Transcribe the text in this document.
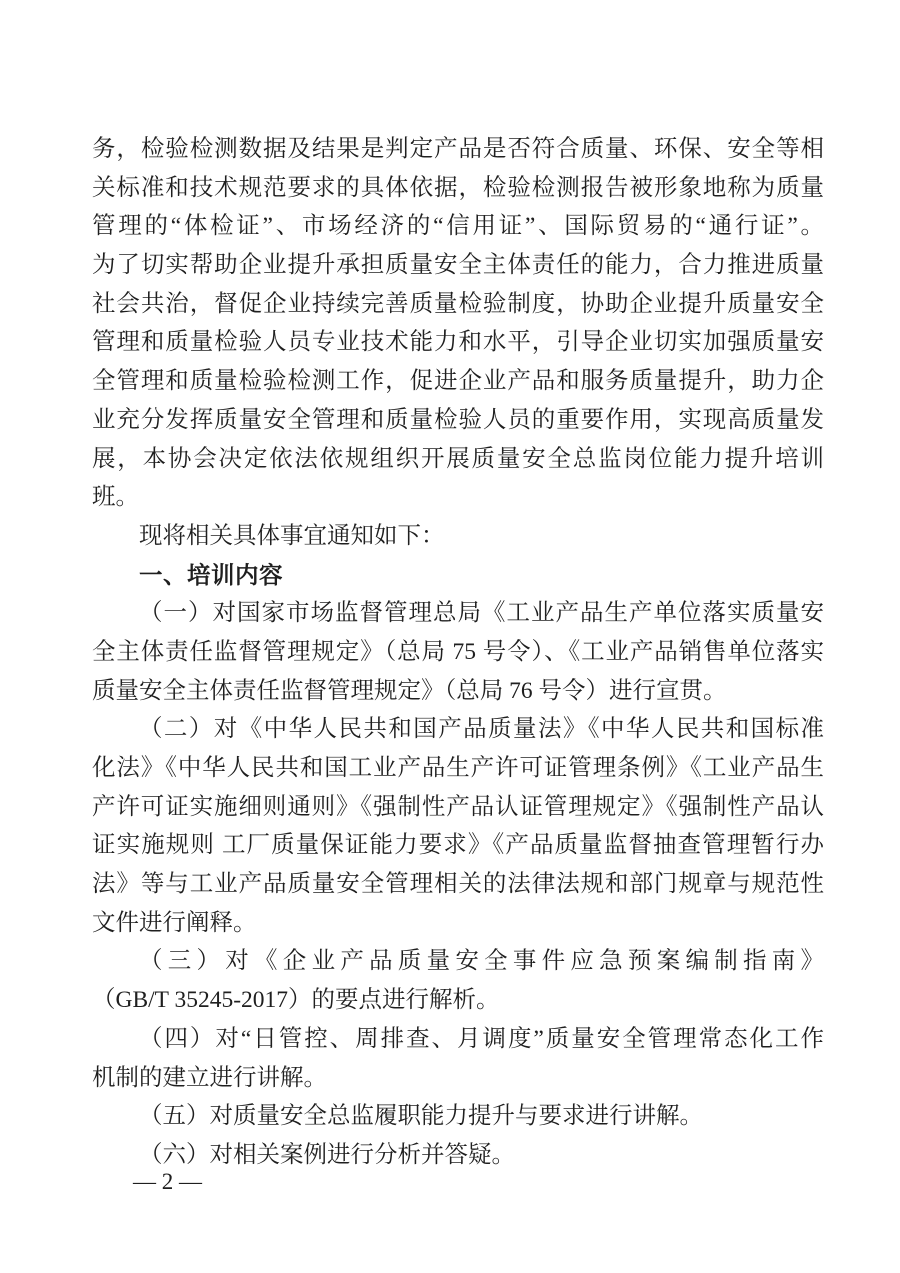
务，检验检测数据及结果是判定产品是否符合质量、环保、安全等相
关标准和技术规范要求的具体依据，检验检测报告被形象地称为质量
管理的“体检证”、市场经济的“信用证”、国际贸易的“通行证”。
为了切实帮助企业提升承担质量安全主体责任的能力，合力推进质量
社会共治，督促企业持续完善质量检验制度，协助企业提升质量安全
管理和质量检验人员专业技术能力和水平，引导企业切实加强质量安
全管理和质量检验检测工作，促进企业产品和服务质量提升，助力企
业充分发挥质量安全管理和质量检验人员的重要作用，实现高质量发
展，本协会决定依法依规组织开展质量安全总监岗位能力提升培训
班。
现将相关具体事宜通知如下：
一、培训内容
（一）对国家市场监督管理总局《工业产品生产单位落实质量安
全主体责任监督管理规定》（总局 75 号令）、《工业产品销售单位落实
质量安全主体责任监督管理规定》（总局 76 号令）进行宣贯。
（二）对《中华人民共和国产品质量法》《中华人民共和国标准
化法》《中华人民共和国工业产品生产许可证管理条例》《工业产品生
产许可证实施细则通则》《强制性产品认证管理规定》《强制性产品认
证实施规则 工厂质量保证能力要求》《产品质量监督抽查管理暂行办
法》等与工业产品质量安全管理相关的法律法规和部门规章与规范性
文件进行阐释。
（三）对《企业产品质量安全事件应急预案编制指南》
（GB/T 35245-2017）的要点进行解析。
（四）对“日管控、周排查、月调度”质量安全管理常态化工作
机制的建立进行讲解。
（五）对质量安全总监履职能力提升与要求进行讲解。
（六）对相关案例进行分析并答疑。
— 2 —
